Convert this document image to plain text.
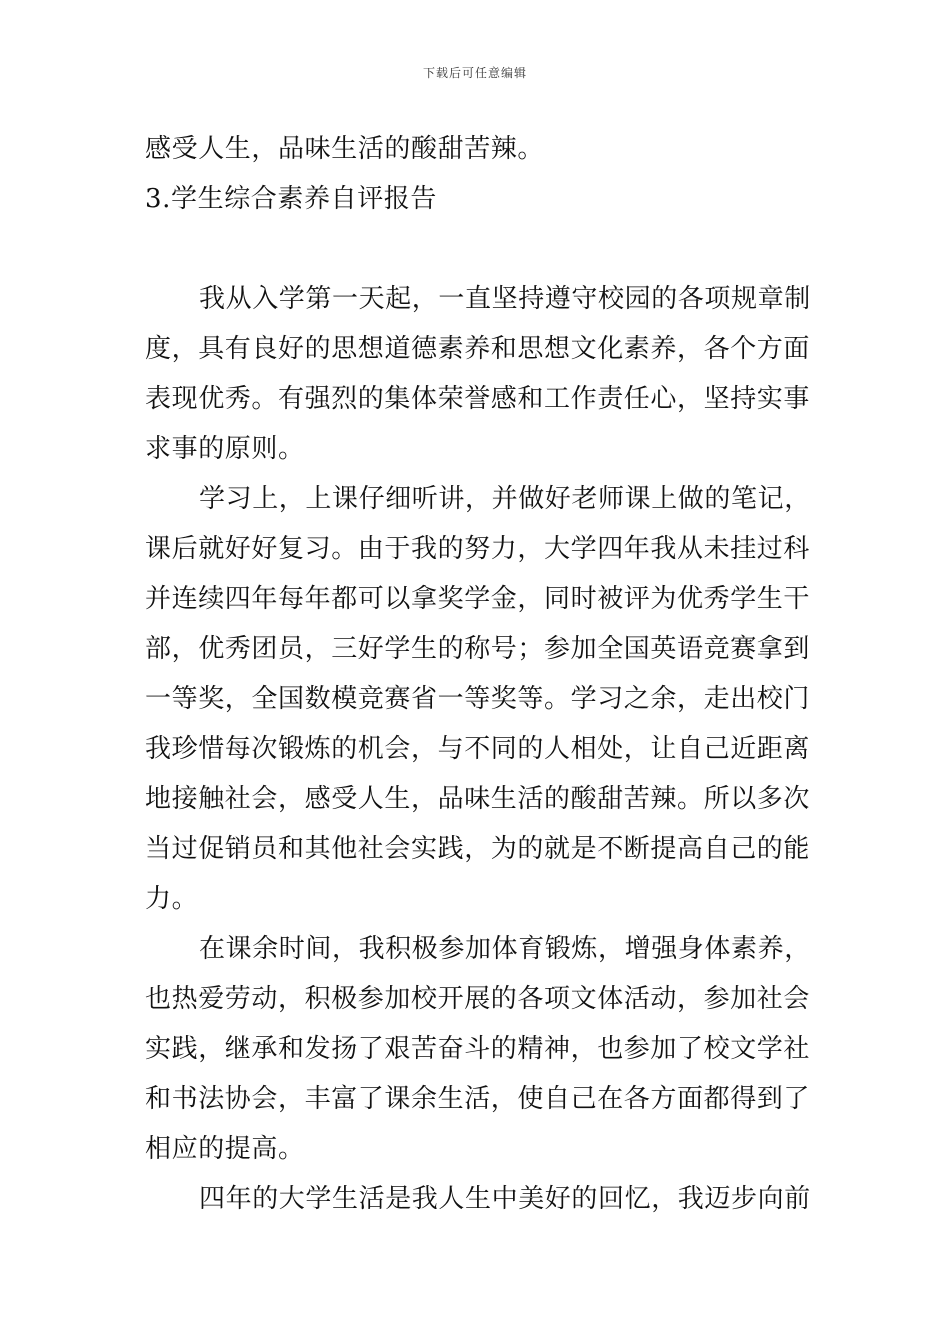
下载后可任意编辑
感受人生，品味生活的酸甜苦辣。
3.学生综合素养自评报告
我从入学第一天起，一直坚持遵守校园的各项规章制
度，具有良好的思想道德素养和思想文化素养，各个方面
表现优秀。有强烈的集体荣誉感和工作责任心，坚持实事
求事的原则。
学习上，上课仔细听讲，并做好老师课上做的笔记，
课后就好好复习。由于我的努力，大学四年我从未挂过科
并连续四年每年都可以拿奖学金，同时被评为优秀学生干
部，优秀团员，三好学生的称号；参加全国英语竞赛拿到
一等奖，全国数模竞赛省一等奖等。学习之余，走出校门
我珍惜每次锻炼的机会，与不同的人相处，让自己近距离
地接触社会，感受人生，品味生活的酸甜苦辣。所以多次
当过促销员和其他社会实践，为的就是不断提高自己的能
力。
在课余时间，我积极参加体育锻炼，增强身体素养，
也热爱劳动，积极参加校开展的各项文体活动，参加社会
实践，继承和发扬了艰苦奋斗的精神，也参加了校文学社
和书法协会，丰富了课余生活，使自己在各方面都得到了
相应的提高。
四年的大学生活是我人生中美好的回忆，我迈步向前
